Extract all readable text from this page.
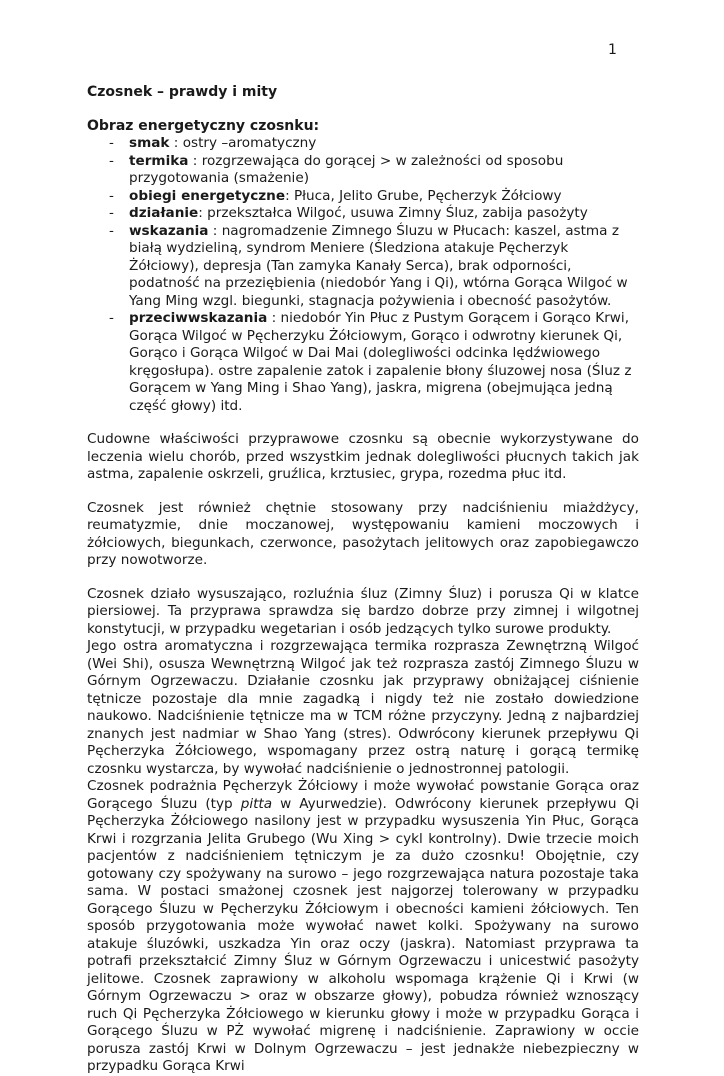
1
Czosnek – prawdy i mity
Obraz energetyczny czosnku:
- smak : ostry –aromatyczny
- termika : rozgrzewająca do gorącej > w zależności od sposobu przygotowania (smażenie)
- obiegi energetyczne: Płuca, Jelito Grube, Pęcherzyk Żółciowy
- działanie: przekształca Wilgoć, usuwa Zimny Śluz, zabija pasożyty
- wskazania : nagromadzenie Zimnego Śluzu w Płucach: kaszel, astma z białą wydzieliną, syndrom Meniere (Śledziona atakuje Pęcherzyk Żółciowy), depresja (Tan zamyka Kanały Serca), brak odporności, podatność na przeziębienia (niedobór Yang i Qi), wtórna Gorąca Wilgoć w Yang Ming wzgl. biegunki, stagnacja pożywienia i obecność pasożytów.
- przeciwwskazania : niedobór Yin Płuc z Pustym Gorącem i Gorąco Krwi, Gorąca Wilgoć w Pęcherzyku Żółciowym, Gorąco i odwrotny kierunek Qi, Gorąco i Gorąca Wilgoć w Dai Mai (dolegliwości odcinka lędźwiowego kręgosłupa). ostre zapalenie zatok i zapalenie błony śluzowej nosa (Śluz z Gorącem w Yang Ming i Shao Yang), jaskra, migrena (obejmująca jedną część głowy) itd.

Cudowne właściwości przyprawowe czosnku są obecnie wykorzystywane do leczenia wielu chorób, przed wszystkim jednak dolegliwości płucnych takich jak astma, zapalenie oskrzeli, gruźlica, krztusiec, grypa, rozedma płuc itd.

Czosnek jest również chętnie stosowany przy nadciśnieniu miażdżycy, reumatyzmie, dnie moczanowej, występowaniu kamieni moczowych i żółciowych, biegunkach, czerwonce, pasożytach jelitowych oraz zapobiegawczo przy nowotworze.

Czosnek działo wysuszająco, rozluźnia śluz (Zimny Śluz) i porusza Qi w klatce piersiowej. Ta przyprawa sprawdza się bardzo dobrze przy zimnej i wilgotnej konstytucji, w przypadku wegetarian i osób jedzących tylko surowe produkty.

Jego ostra aromatyczna i rozgrzewająca termika rozprasza Zewnętrzną Wilgoć (Wei Shi), osusza Wewnętrzną Wilgoć jak też rozprasza zastój Zimnego Śluzu w Górnym Ogrzewaczu. Działanie czosnku jak przyprawy obniżającej ciśnienie tętnicze pozostaje dla mnie zagadką i nigdy też nie zostało dowiedzione naukowo. Nadciśnienie tętnicze ma w TCM różne przyczyny. Jedną z najbardziej znanych jest nadmiar w Shao Yang (stres). Odwrócony kierunek przepływu Qi Pęcherzyka Żółciowego, wspomagany przez ostrą naturę i gorącą termikę czosnku wystarcza, by wywołać nadciśnienie o jednostronnej patologii.

Czosnek podrażnia Pęcherzyk Żółciowy i może wywołać powstanie Gorąca oraz Gorącego Śluzu (typ pitta w Ayurwedzie). Odwrócony kierunek przepływu Qi Pęcherzyka Żółciowego nasilony jest w przypadku wysuszenia Yin Płuc, Gorąca Krwi i rozgrzania Jelita Grubego (Wu Xing > cykl kontrolny). Dwie trzecie moich pacjentów z nadciśnieniem tętniczym je za dużo czosnku! Obojętnie, czy gotowany czy spożywany na surowo – jego rozgrzewająca natura pozostaje taka sama. W postaci smażonej czosnek jest najgorzej tolerowany w przypadku Gorącego Śluzu w Pęcherzyku Żółciowym i obecności kamieni żółciowych. Ten sposób przygotowania może wywołać nawet kolki. Spożywany na surowo atakuje śluzówki, uszkadza Yin oraz oczy (jaskra). Natomiast przyprawa ta potrafi przekształcić Zimny Śluz w Górnym Ogrzewaczu i unicestwić pasożyty jelitowe. Czosnek zaprawiony w alkoholu wspomaga krążenie Qi i Krwi (w Górnym Ogrzewaczu > oraz w obszarze głowy), pobudza również wznoszący ruch Qi Pęcherzyka Żółciowego w kierunku głowy i może w przypadku Gorąca i Gorącego Śluzu w PŻ wywołać migrenę i nadciśnienie. Zaprawiony w occie porusza zastój Krwi w Dolnym Ogrzewaczu – jest jednakże niebezpieczny w przypadku Gorąca Krwi
